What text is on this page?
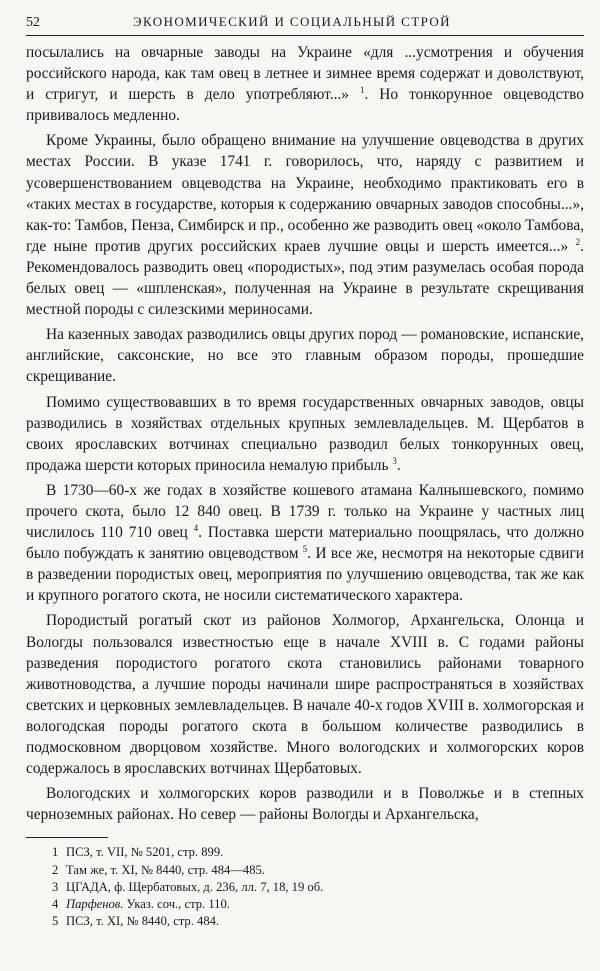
52	ЭКОНОМИЧЕСКИЙ И СОЦИАЛЬНЫЙ СТРОЙ

посылались на овчарные заводы на Украине «для ...усмотрения и обучения российского народа, как там овец в летнее и зимнее время содержат и доволствуют, и стригут, и шерсть в дело употребляют...» $^1$. Но тонкорунное овцеводство прививалось медленно.

Кроме Украины, было обращено внимание на улучшение овцеводства в других местах России. В указе 1741 г. говорилось, что, наряду с развитием и усовершенствованием овцеводства на Украине, необходимо практиковать его в «таких местах в государстве, которыя к содержанию овчарных заводов способны...», как-то: Тамбов, Пенза, Симбирск и пр., особенно же разводить овец «около Тамбова, где ныне против других российских краев лучшие овцы и шерсть имеется...» $^2$. Рекомендовалось разводить овец «породистых», под этим разумелась особая порода белых овец — «шпленская», полученная на Украине в результате скрещивания местной породы с силезскими мериносами.

На казенных заводах разводились овцы других пород — романовские, испанские, английские, саксонские, но все это главным образом породы, прошедшие скрещивание.

Помимо существовавших в то время государственных овчарных заводов, овцы разводились в хозяйствах отдельных крупных землевладельцев. М. Щербатов в своих ярославских вотчинах специально разводил белых тонкорунных овец, продажа шерсти которых приносила немалую прибыль $^3$.

В 1730—60-х же годах в хозяйстве кошевого атамана Калнышевского, помимо прочего скота, было 12 840 овец. В 1739 г. только на Украине у частных лиц числилось 110 710 овец $^4$. Поставка шерсти материально поощрялась, что должно было побуждать к занятию овцеводством $^5$. И все же, несмотря на некоторые сдвиги в разведении породистых овец, мероприятия по улучшению овцеводства, так же как и крупного рогатого скота, не носили систематического характера.

Породистый рогатый скот из районов Холмогор, Архангельска, Олонца и Вологды пользовался известностью еще в начале XVIII в. С годами районы разведения породистого рогатого скота становились районами товарного животноводства, а лучшие породы начинали шире распространяться в хозяйствах светских и церковных землевладельцев. В начале 40-х годов XVIII в. холмогорская и вологодская породы рогатого скота в большом количестве разводились в подмосковном дворцовом хозяйстве. Много вологодских и холмогорских коров содержалось в ярославских вотчинах Щербатовых.

Вологодских и холмогорских коров разводили и в Поволжье и в степных черноземных районах. Но север — районы Вологды и Архангельска,

1 ПСЗ, т. VII, № 5201, стр. 899.
2 Там же, т. XI, № 8440, стр. 484—485.
3 ЦГАДА, ф. Щербатовых, д. 236, лл. 7, 18, 19 об.
4 Парфенов. Указ. соч., стр. 110.
5 ПСЗ, т. XI, № 8440, стр. 484.
